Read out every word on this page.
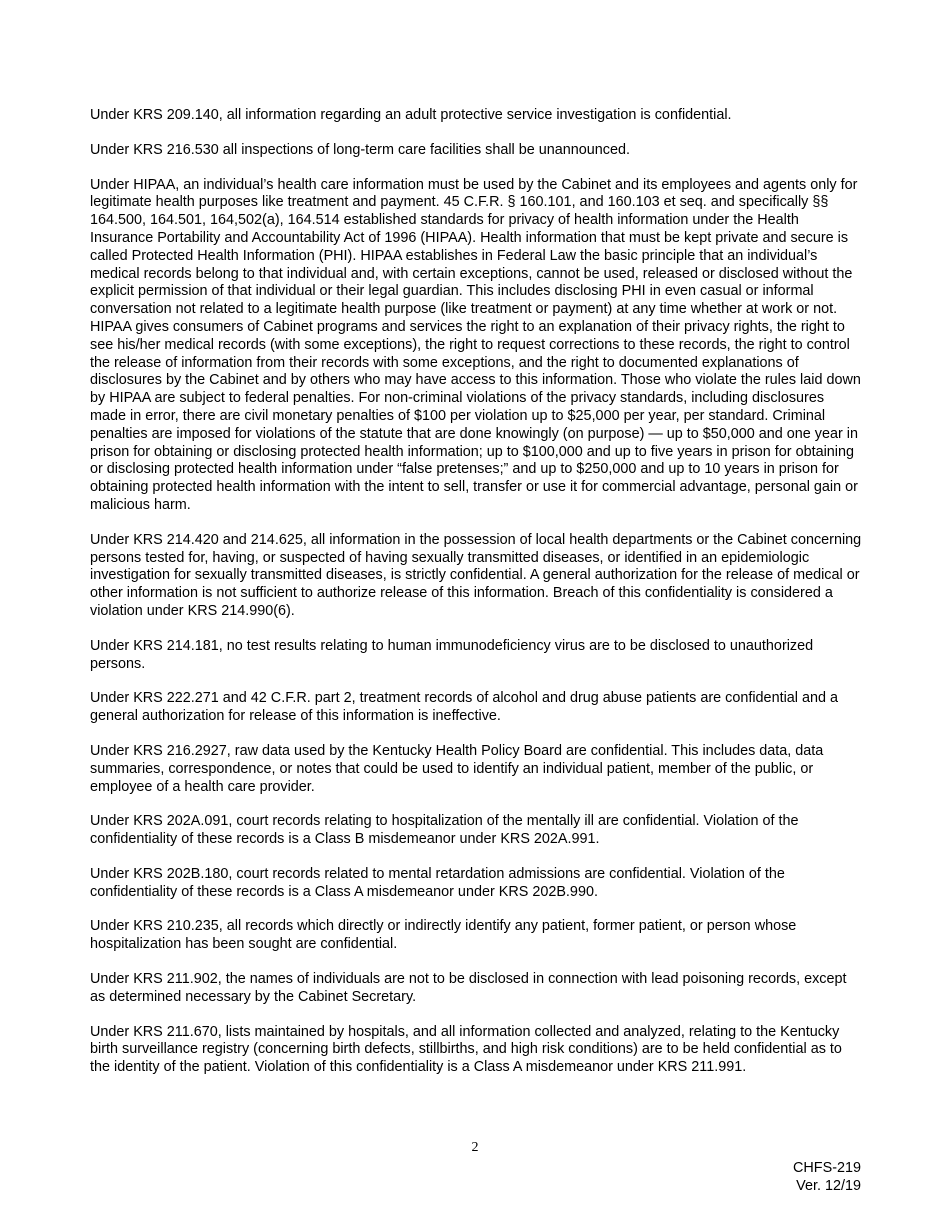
Under KRS 209.140, all information regarding an adult protective service investigation is confidential.

Under KRS 216.530 all inspections of long-term care facilities shall be unannounced.

Under HIPAA, an individual’s health care information must be used by the Cabinet and its employees and agents only for legitimate health purposes like treatment and payment. 45 C.F.R. § 160.101, and 160.103 et seq. and specifically §§ 164.500, 164.501, 164,502(a), 164.514 established standards for privacy of health information under the Health Insurance Portability and Accountability Act of 1996 (HIPAA). Health information that must be kept private and secure is called Protected Health Information (PHI). HIPAA establishes in Federal Law the basic principle that an individual’s medical records belong to that individual and, with certain exceptions, cannot be used, released or disclosed without the explicit permission of that individual or their legal guardian. This includes disclosing PHI in even casual or informal conversation not related to a legitimate health purpose (like treatment or payment) at any time whether at work or not. HIPAA gives consumers of Cabinet programs and services the right to an explanation of their privacy rights, the right to see his/her medical records (with some exceptions), the right to request corrections to these records, the right to control the release of information from their records with some exceptions, and the right to documented explanations of disclosures by the Cabinet and by others who may have access to this information. Those who violate the rules laid down by HIPAA are subject to federal penalties. For non-criminal violations of the privacy standards, including disclosures made in error, there are civil monetary penalties of $100 per violation up to $25,000 per year, per standard. Criminal penalties are imposed for violations of the statute that are done knowingly (on purpose) — up to $50,000 and one year in prison for obtaining or disclosing protected health information; up to $100,000 and up to five years in prison for obtaining or disclosing protected health information under “false pretenses;” and up to $250,000 and up to 10 years in prison for obtaining protected health information with the intent to sell, transfer or use it for commercial advantage, personal gain or malicious harm.

Under KRS 214.420 and 214.625, all information in the possession of local health departments or the Cabinet concerning persons tested for, having, or suspected of having sexually transmitted diseases, or identified in an epidemiologic investigation for sexually transmitted diseases, is strictly confidential. A general authorization for the release of medical or other information is not sufficient to authorize release of this information. Breach of this confidentiality is considered a violation under KRS 214.990(6).

Under KRS 214.181, no test results relating to human immunodeficiency virus are to be disclosed to unauthorized persons.

Under KRS 222.271 and 42 C.F.R. part 2, treatment records of alcohol and drug abuse patients are confidential and a general authorization for release of this information is ineffective.

Under KRS 216.2927, raw data used by the Kentucky Health Policy Board are confidential. This includes data, data summaries, correspondence, or notes that could be used to identify an individual patient, member of the public, or employee of a health care provider.

Under KRS 202A.091, court records relating to hospitalization of the mentally ill are confidential. Violation of the confidentiality of these records is a Class B misdemeanor under KRS 202A.991.

Under KRS 202B.180, court records related to mental retardation admissions are confidential. Violation of the confidentiality of these records is a Class A misdemeanor under KRS 202B.990.

Under KRS 210.235, all records which directly or indirectly identify any patient, former patient, or person whose hospitalization has been sought are confidential.

Under KRS 211.902, the names of individuals are not to be disclosed in connection with lead poisoning records, except as determined necessary by the Cabinet Secretary.

Under KRS 211.670, lists maintained by hospitals, and all information collected and analyzed, relating to the Kentucky birth surveillance registry (concerning birth defects, stillbirths, and high risk conditions) are to be held confidential as to the identity of the patient. Violation of this confidentiality is a Class A misdemeanor under KRS 211.991.

2

CHFS-219
Ver. 12/19
